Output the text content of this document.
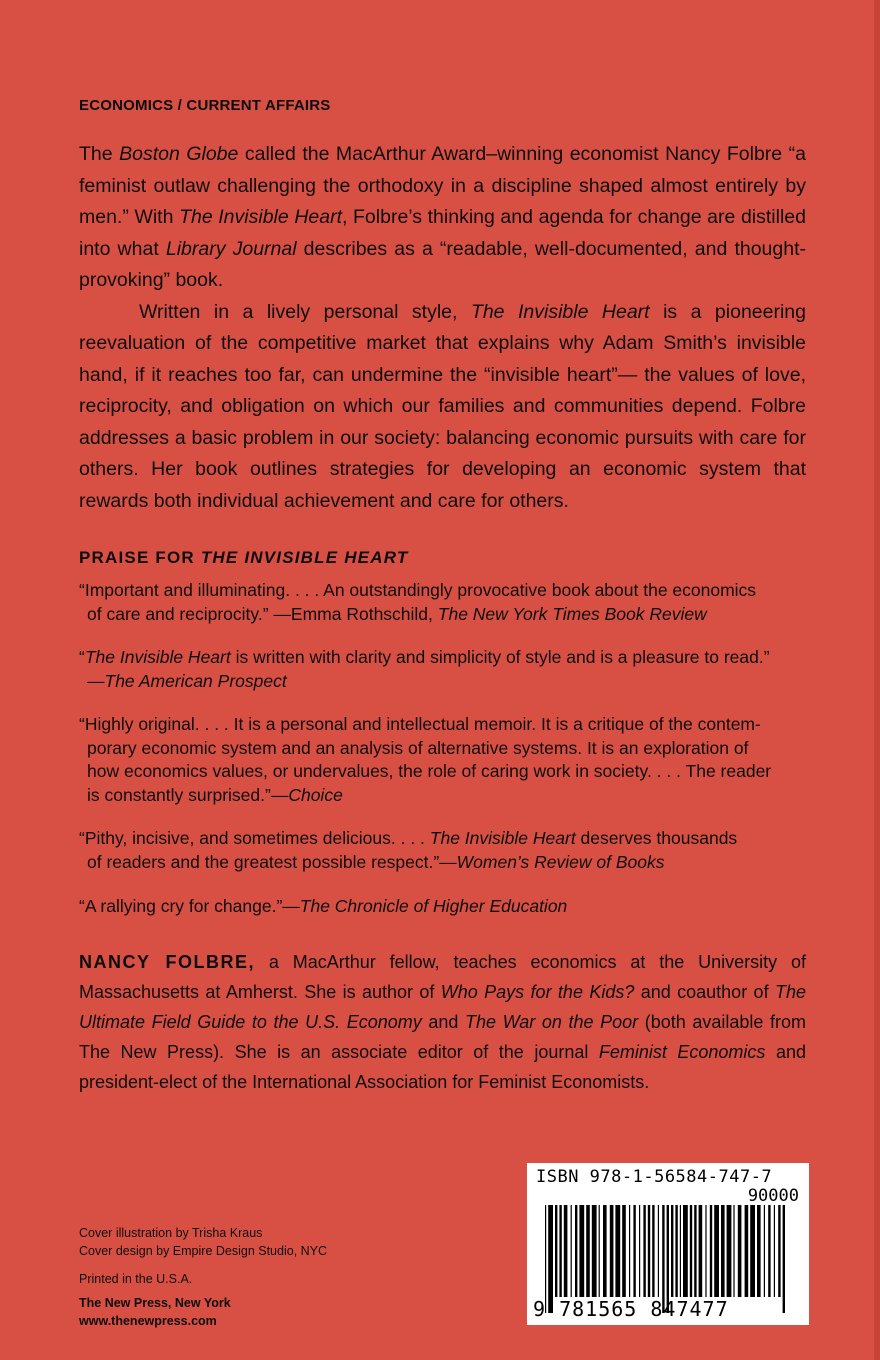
ECONOMICS / CURRENT AFFAIRS

The Boston Globe called the MacArthur Award–winning economist Nancy Folbre “a feminist outlaw challenging the orthodoxy in a discipline shaped almost entirely by men.” With The Invisible Heart, Folbre’s thinking and agenda for change are distilled into what Library Journal describes as a “readable, well-documented, and thought-provoking” book.

Written in a lively personal style, The Invisible Heart is a pioneering reevaluation of the competitive market that explains why Adam Smith’s invisible hand, if it reaches too far, can undermine the “invisible heart”— the values of love, reciprocity, and obligation on which our families and communities depend. Folbre addresses a basic problem in our society: balancing economic pursuits with care for others. Her book outlines strategies for developing an economic system that rewards both individual achievement and care for others.

PRAISE FOR THE INVISIBLE HEART
“Important and illuminating. . . . An outstandingly provocative book about the economics
of care and reciprocity.” —Emma Rothschild, The New York Times Book Review
“The Invisible Heart is written with clarity and simplicity of style and is a pleasure to read.”
—The American Prospect
“Highly original. . . . It is a personal and intellectual memoir. It is a critique of the contem-
porary economic system and an analysis of alternative systems. It is an exploration of
how economics values, or undervalues, the role of caring work in society. . . . The reader
is constantly surprised.”—Choice
“Pithy, incisive, and sometimes delicious. . . . The Invisible Heart deserves thousands
of readers and the greatest possible respect.”—Women’s Review of Books
“A rallying cry for change.”—The Chronicle of Higher Education
NANCY FOLBRE, a MacArthur fellow, teaches economics at the University of Massachusetts at Amherst. She is author of Who Pays for the Kids? and coauthor of The Ultimate Field Guide to the U.S. Economy and The War on the Poor (both available from The New Press). She is an associate editor of the journal Feminist Economics and president-elect of the International Association for Feminist Economists.
Cover illustration by Trisha Kraus
Cover design by Empire Design Studio, NYC
Printed in the U.S.A.
The New Press, New York
www.thenewpress.com
ISBN 978-1-56584-747-7
90000
9 781565 847477
